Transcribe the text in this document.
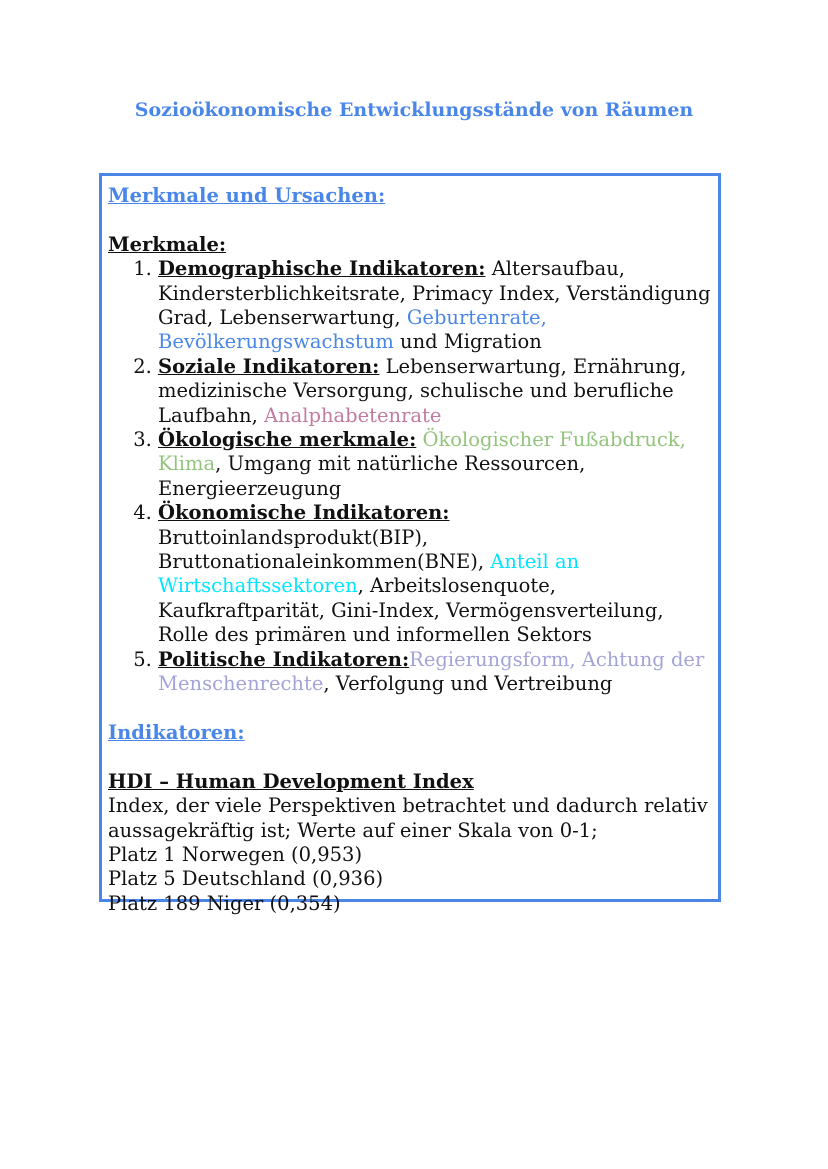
Sozioökonomische Entwicklungsstände von Räumen
Merkmale und Ursachen:
Merkmale:
1. Demographische Indikatoren: Altersaufbau, Kindersterblichkeitsrate, Primacy Index, Verständigung Grad, Lebenserwartung, Geburtenrate, Bevölkerungswachstum und Migration
2. Soziale Indikatoren: Lebenserwartung, Ernährung, medizinische Versorgung, schulische und berufliche Laufbahn, Analphabetenrate
3. Ökologische merkmale: Ökologischer Fußabdruck, Klima, Umgang mit natürliche Ressourcen, Energieerzeugung
4. Ökonomische Indikatoren: Bruttoinlandsprodukt(BIP), Bruttonationaleinkommen(BNE), Anteil an Wirtschaftssektoren, Arbeitslosenquote, Kaufkraftparität, Gini-Index, Vermögensverteilung, Rolle des primären und informellen Sektors
5. Politische Indikatoren:Regierungsform, Achtung der Menschenrechte, Verfolgung und Vertreibung
Indikatoren:
HDI – Human Development Index
Index, der viele Perspektiven betrachtet und dadurch relativ aussagekräftig ist; Werte auf einer Skala von 0-1;
Platz 1 Norwegen (0,953)
Platz 5 Deutschland (0,936)
Platz 189 Niger (0,354)
